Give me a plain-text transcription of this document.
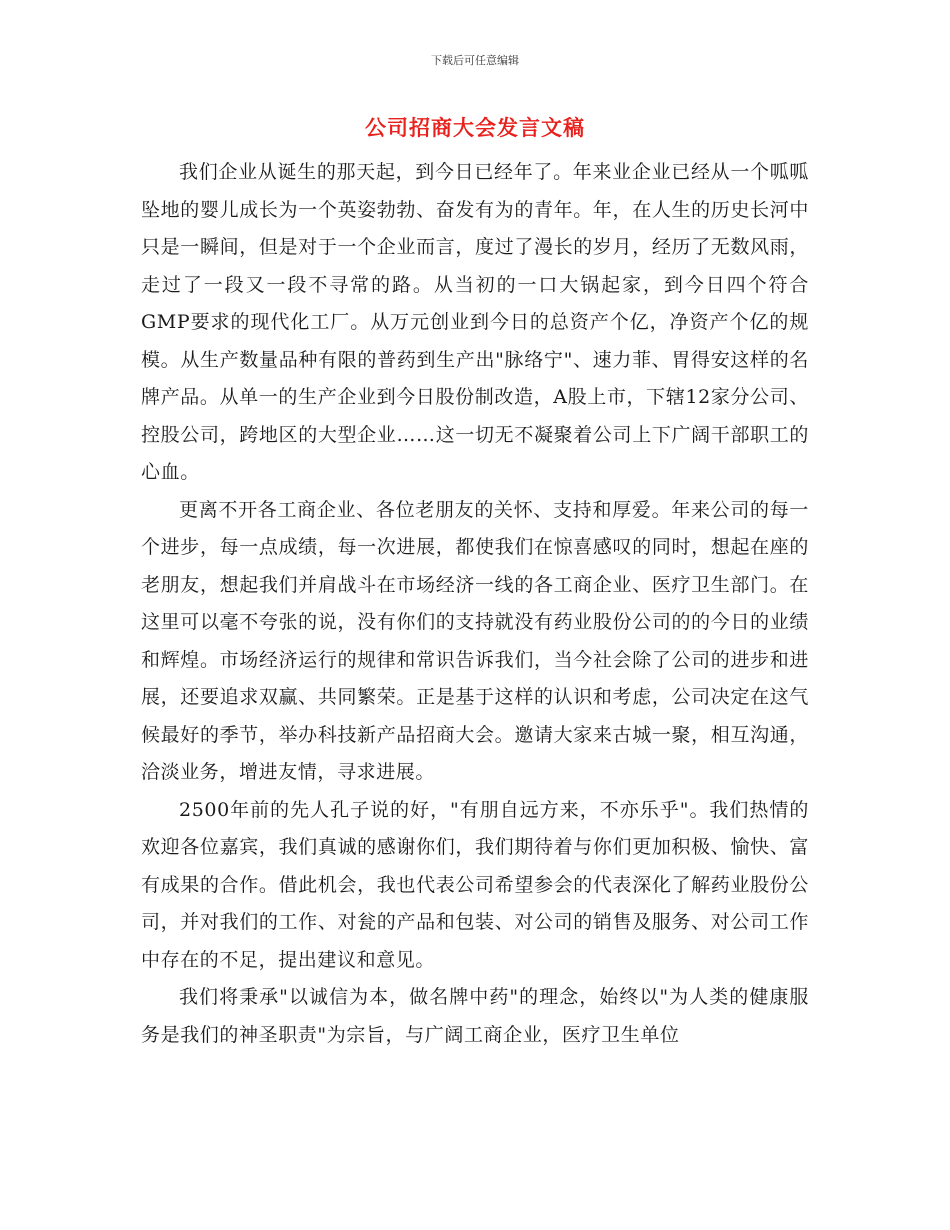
下载后可任意编辑
公司招商大会发言文稿

我们企业从诞生的那天起，到今日已经年了。年来业企业已经从一个呱呱坠地的婴儿成长为一个英姿勃勃、奋发有为的青年。年，在人生的历史长河中只是一瞬间，但是对于一个企业而言，度过了漫长的岁月，经历了无数风雨，走过了一段又一段不寻常的路。从当初的一口大锅起家，到今日四个符合GMP要求的现代化工厂。从万元创业到今日的总资产个亿，净资产个亿的规模。从生产数量品种有限的普药到生产出"脉络宁"、速力菲、胃得安这样的名牌产品。从单一的生产企业到今日股份制改造，A股上市，下辖12家分公司、控股公司，跨地区的大型企业……这一切无不凝聚着公司上下广阔干部职工的心血。

更离不开各工商企业、各位老朋友的关怀、支持和厚爱。年来公司的每一个进步，每一点成绩，每一次进展，都使我们在惊喜感叹的同时，想起在座的老朋友，想起我们并肩战斗在市场经济一线的各工商企业、医疗卫生部门。在这里可以毫不夸张的说，没有你们的支持就没有药业股份公司的的今日的业绩和辉煌。市场经济运行的规律和常识告诉我们，当今社会除了公司的进步和进展，还要追求双赢、共同繁荣。正是基于这样的认识和考虑，公司决定在这气候最好的季节，举办科技新产品招商大会。邀请大家来古城一聚，相互沟通，洽淡业务，增进友情，寻求进展。

2500年前的先人孔子说的好，"有朋自远方来，不亦乐乎"。我们热情的欢迎各位嘉宾，我们真诚的感谢你们，我们期待着与你们更加积极、愉快、富有成果的合作。借此机会，我也代表公司希望参会的代表深化了解药业股份公司，并对我们的工作、对瓮的产品和包装、对公司的销售及服务、对公司工作中存在的不足，提出建议和意见。

我们将秉承"以诚信为本，做名牌中药"的理念，始终以"为人类的健康服务是我们的神圣职责"为宗旨，与广阔工商企业，医疗卫生单位
